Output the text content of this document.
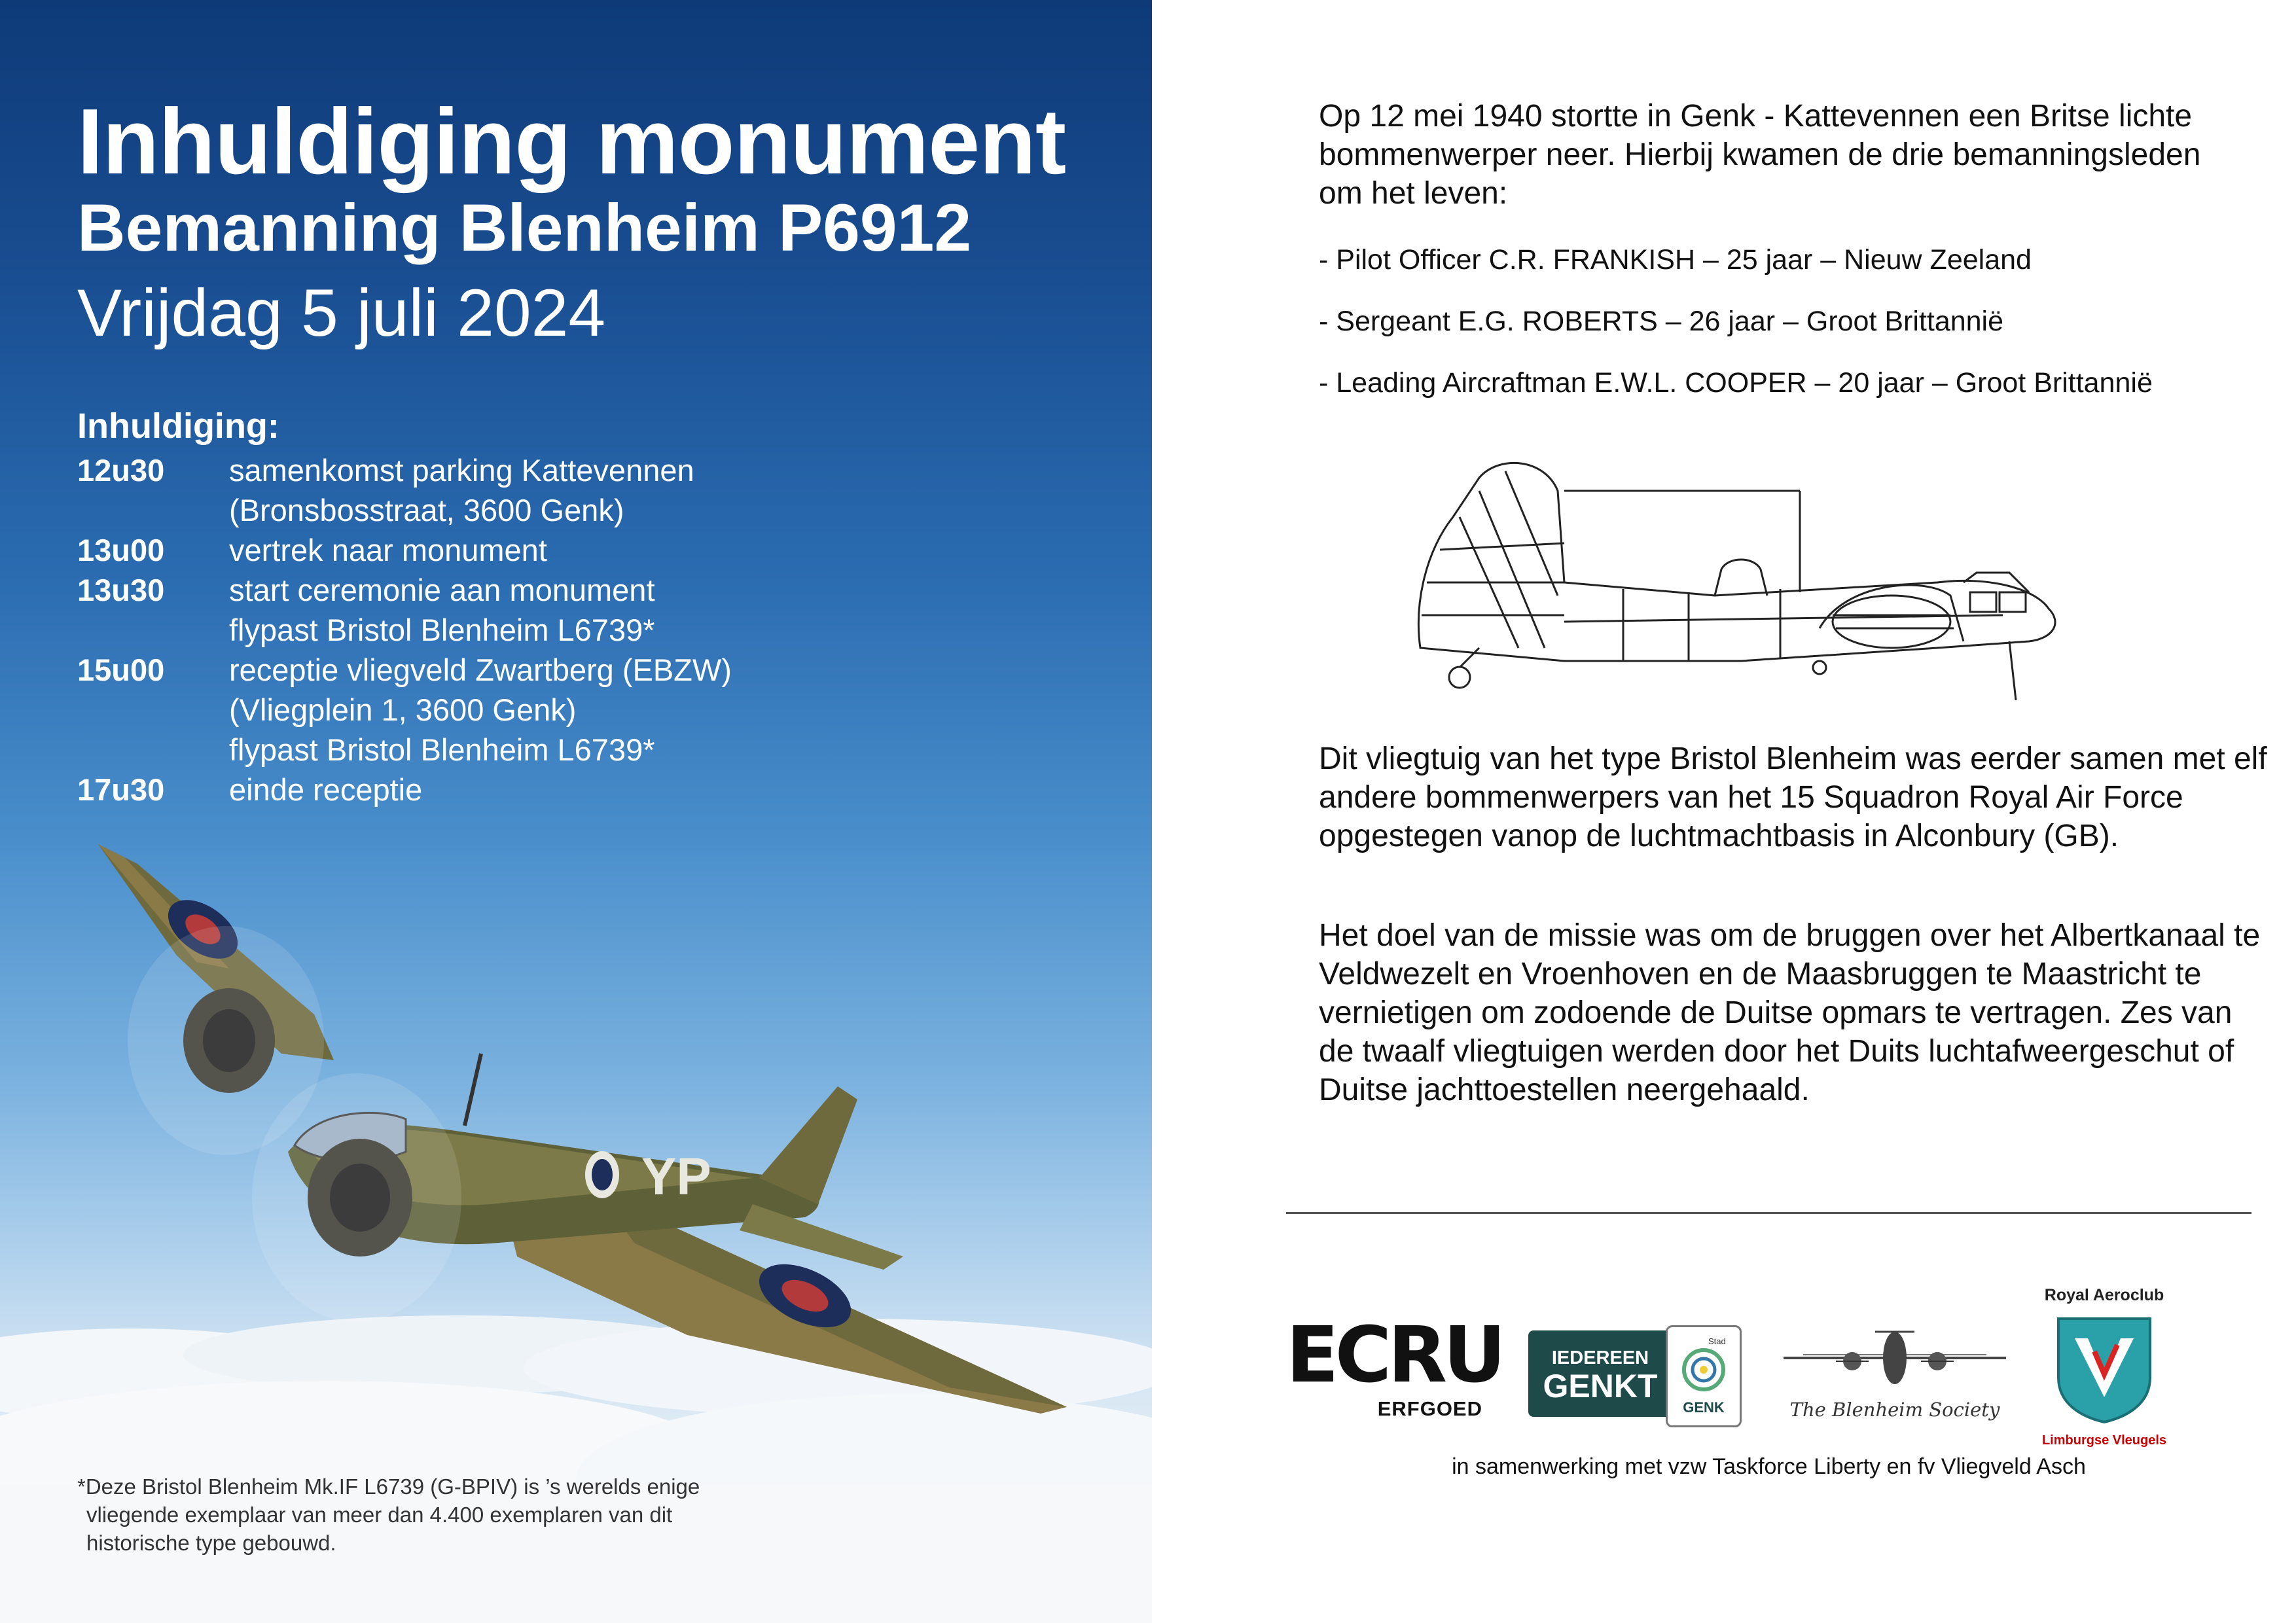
Inhuldiging monument
Bemanning Blenheim P6912
Vrijdag 5 juli 2024
Inhuldiging:
12u30	samenkomst parking Kattevennen
(Bronsbosstraat, 3600 Genk)
13u00	vertrek naar monument
13u30	start ceremonie aan monument
flypast Bristol Blenheim L6739*
15u00	receptie vliegveld Zwartberg (EBZW)
(Vliegplein 1, 3600 Genk)
flypast Bristol Blenheim L6739*
17u30	einde receptie
YP
*Deze Bristol Blenheim Mk.IF L6739 (G-BPIV) is ’s werelds enige
vliegende exemplaar van meer dan 4.400 exemplaren van dit
historische type gebouwd.
Op 12 mei 1940 stortte in Genk - Kattevennen een Britse lichte bommenwerper neer. Hierbij kwamen de drie bemanningsleden om het leven:
- Pilot Officer C.R. FRANKISH – 25 jaar – Nieuw Zeeland
- Sergeant E.G. ROBERTS – 26 jaar – Groot Brittannië
- Leading Aircraftman E.W.L. COOPER – 20 jaar – Groot Brittannië
Dit vliegtuig van het type Bristol Blenheim was eerder samen met elf andere bommenwerpers van het 15 Squadron Royal Air Force opgestegen vanop de luchtmachtbasis in Alconbury (GB).
Het doel van de missie was om de bruggen over het Albertkanaal te Veldwezelt en Vroenhoven en de Maasbruggen te Maastricht te vernietigen om zodoende de Duitse opmars te vertragen. Zes van de twaalf vliegtuigen werden door het Duits luchtafweergeschut of Duitse jachttoestellen neergehaald.
ECRU
ERFGOED
IEDEREEN
GENKT
Stad
GENK	The Blenheim Society
Royal Aeroclub
Limburgse Vleugels
in samenwerking met vzw Taskforce Liberty en fv Vliegveld Asch
